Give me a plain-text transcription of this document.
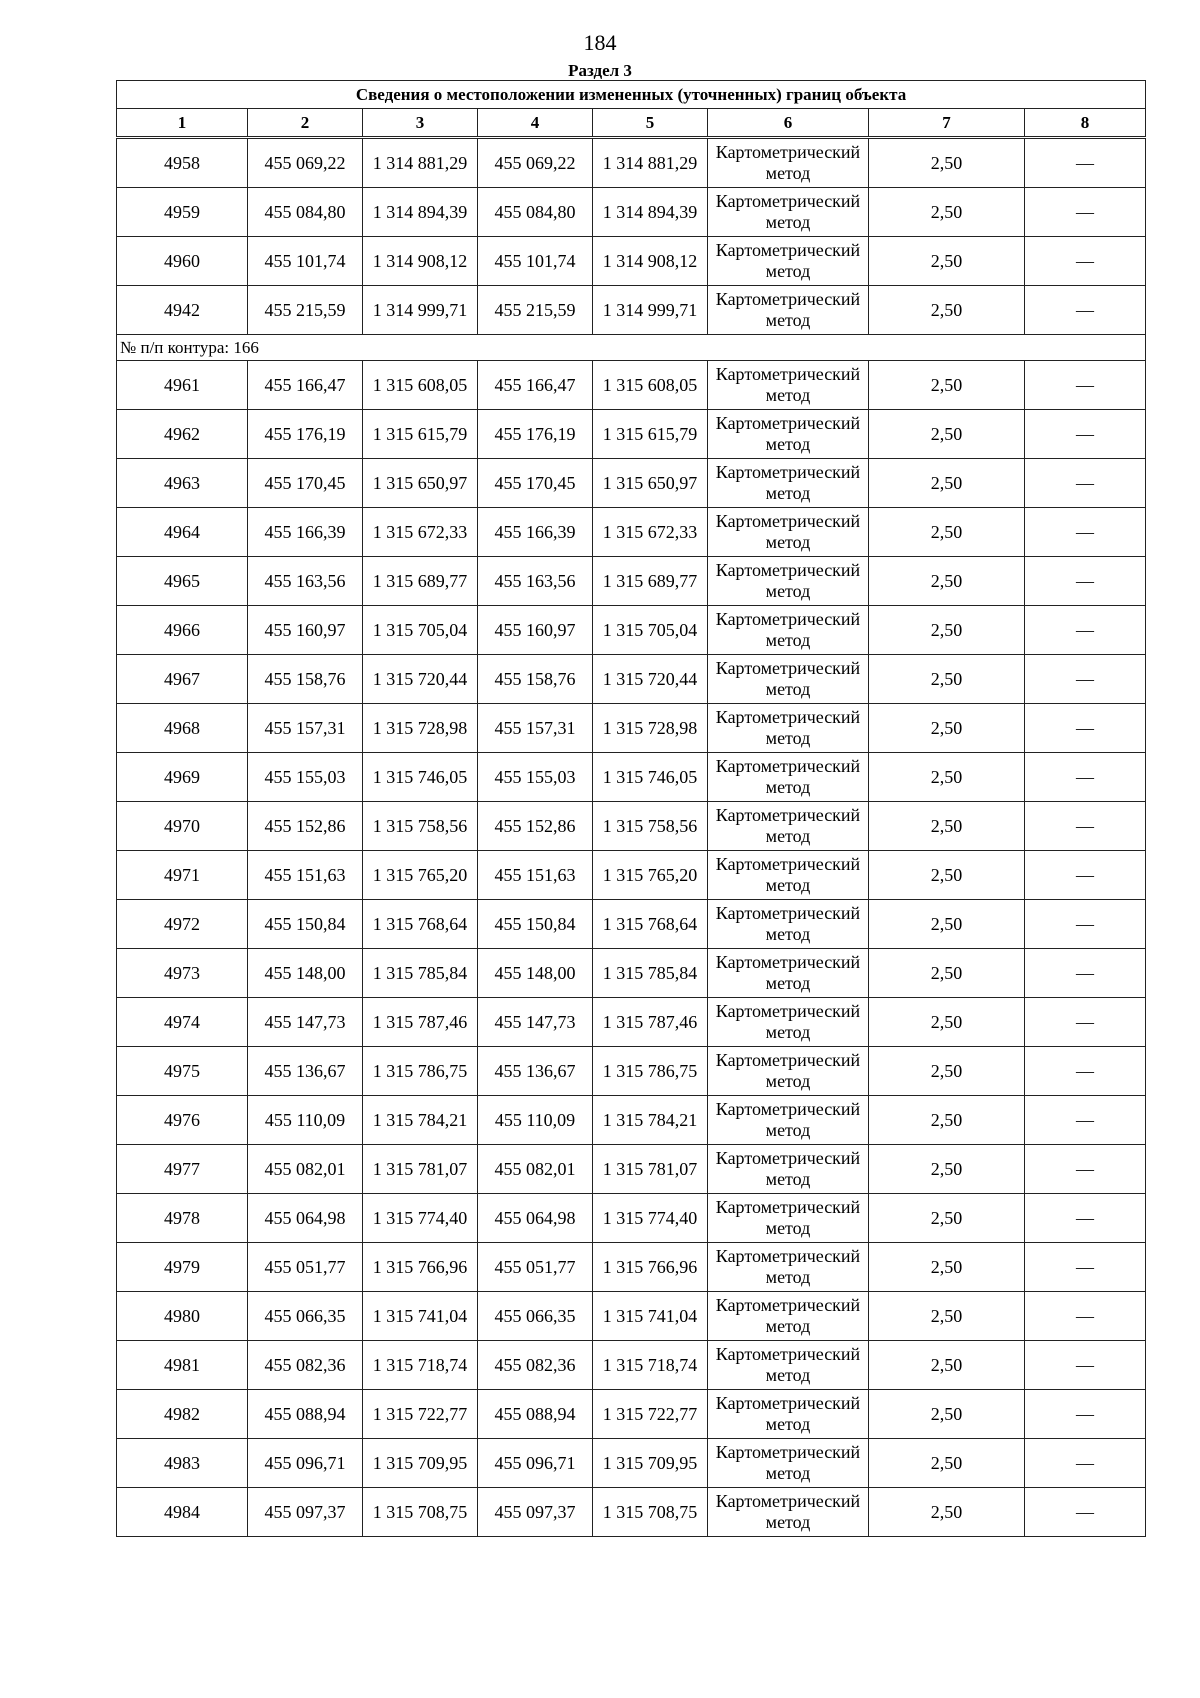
184
Раздел 3
Сведения о местоположении измененных (уточненных) границ объекта							
1	2	3	4	5	6	7	8
4958	455 069,22	1 314 881,29	455 069,22	1 314 881,29	Картометрический метод	2,50	—
4959	455 084,80	1 314 894,39	455 084,80	1 314 894,39	Картометрический метод	2,50	—
4960	455 101,74	1 314 908,12	455 101,74	1 314 908,12	Картометрический метод	2,50	—
4942	455 215,59	1 314 999,71	455 215,59	1 314 999,71	Картометрический метод	2,50	—
№ п/п контура: 166							
4961	455 166,47	1 315 608,05	455 166,47	1 315 608,05	Картометрический метод	2,50	—
4962	455 176,19	1 315 615,79	455 176,19	1 315 615,79	Картометрический метод	2,50	—
4963	455 170,45	1 315 650,97	455 170,45	1 315 650,97	Картометрический метод	2,50	—
4964	455 166,39	1 315 672,33	455 166,39	1 315 672,33	Картометрический метод	2,50	—
4965	455 163,56	1 315 689,77	455 163,56	1 315 689,77	Картометрический метод	2,50	—
4966	455 160,97	1 315 705,04	455 160,97	1 315 705,04	Картометрический метод	2,50	—
4967	455 158,76	1 315 720,44	455 158,76	1 315 720,44	Картометрический метод	2,50	—
4968	455 157,31	1 315 728,98	455 157,31	1 315 728,98	Картометрический метод	2,50	—
4969	455 155,03	1 315 746,05	455 155,03	1 315 746,05	Картометрический метод	2,50	—
4970	455 152,86	1 315 758,56	455 152,86	1 315 758,56	Картометрический метод	2,50	—
4971	455 151,63	1 315 765,20	455 151,63	1 315 765,20	Картометрический метод	2,50	—
4972	455 150,84	1 315 768,64	455 150,84	1 315 768,64	Картометрический метод	2,50	—
4973	455 148,00	1 315 785,84	455 148,00	1 315 785,84	Картометрический метод	2,50	—
4974	455 147,73	1 315 787,46	455 147,73	1 315 787,46	Картометрический метод	2,50	—
4975	455 136,67	1 315 786,75	455 136,67	1 315 786,75	Картометрический метод	2,50	—
4976	455 110,09	1 315 784,21	455 110,09	1 315 784,21	Картометрический метод	2,50	—
4977	455 082,01	1 315 781,07	455 082,01	1 315 781,07	Картометрический метод	2,50	—
4978	455 064,98	1 315 774,40	455 064,98	1 315 774,40	Картометрический метод	2,50	—
4979	455 051,77	1 315 766,96	455 051,77	1 315 766,96	Картометрический метод	2,50	—
4980	455 066,35	1 315 741,04	455 066,35	1 315 741,04	Картометрический метод	2,50	—
4981	455 082,36	1 315 718,74	455 082,36	1 315 718,74	Картометрический метод	2,50	—
4982	455 088,94	1 315 722,77	455 088,94	1 315 722,77	Картометрический метод	2,50	—
4983	455 096,71	1 315 709,95	455 096,71	1 315 709,95	Картометрический метод	2,50	—
4984	455 097,37	1 315 708,75	455 097,37	1 315 708,75	Картометрический метод	2,50	—
